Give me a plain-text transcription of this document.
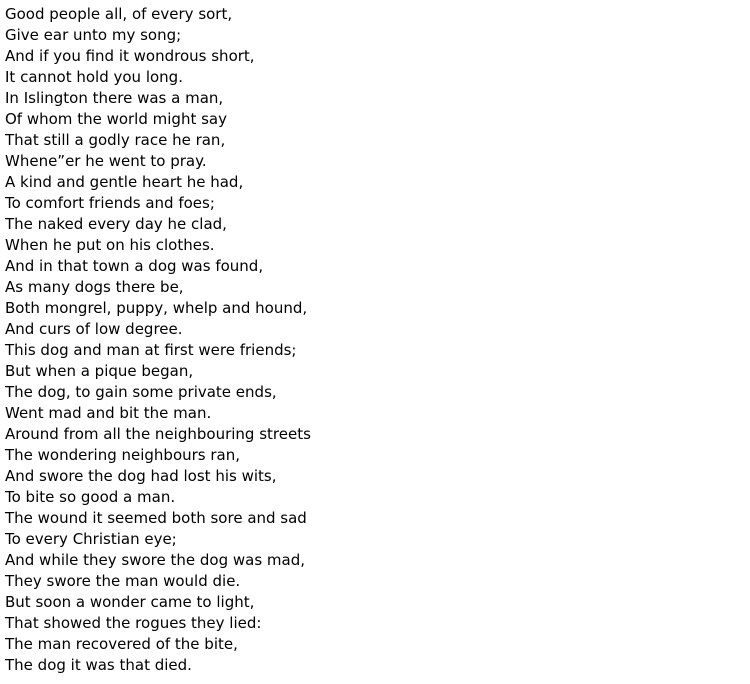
Good people all, of every sort,
Give ear unto my song;
And if you find it wondrous short,
It cannot hold you long.
In Islington there was a man,
Of whom the world might say
That still a godly race he ran,
Whene”er he went to pray.
A kind and gentle heart he had,
To comfort friends and foes;
The naked every day he clad,
When he put on his clothes.
And in that town a dog was found,
As many dogs there be,
Both mongrel, puppy, whelp and hound,
And curs of low degree.
This dog and man at first were friends;
But when a pique began,
The dog, to gain some private ends,
Went mad and bit the man.
Around from all the neighbouring streets
The wondering neighbours ran,
And swore the dog had lost his wits,
To bite so good a man.
The wound it seemed both sore and sad
To every Christian eye;
And while they swore the dog was mad,
They swore the man would die.
But soon a wonder came to light,
That showed the rogues they lied:
The man recovered of the bite,
The dog it was that died.
